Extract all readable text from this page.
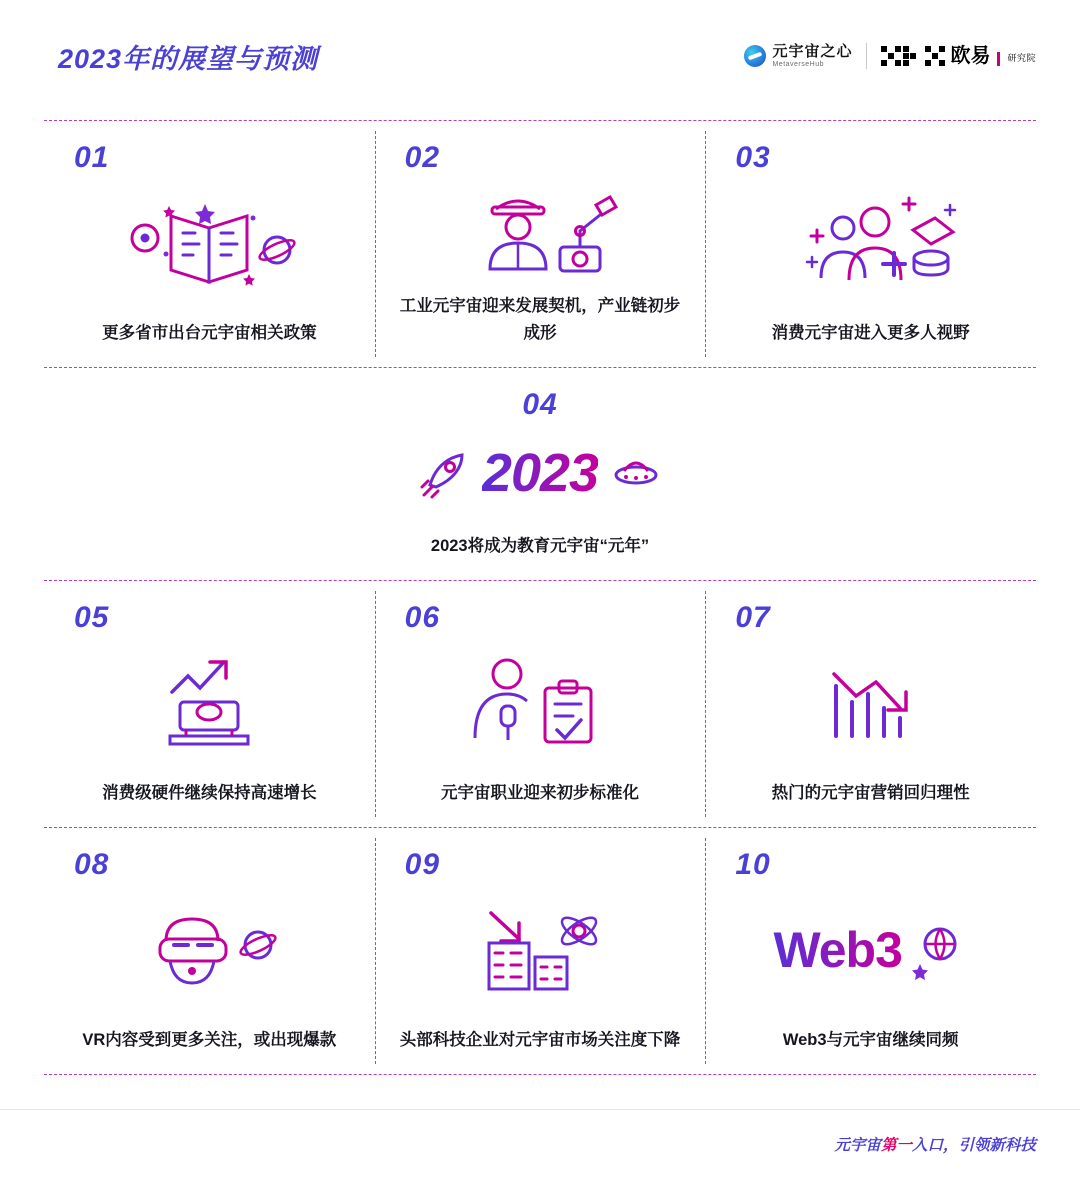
2023年的展望与预测	元宇宙之心
MetaverseHub	欧易 研究院
01
更多省市出台元宇宙相关政策
02
工业元宇宙迎来发展契机，产业链初步成形
03
消费元宇宙进入更多人视野
04
2023
2023将成为教育元宇宙“元年”
05
消费级硬件继续保持高速增长
06
元宇宙职业迎来初步标准化
07
热门的元宇宙营销回归理性
08
VR内容受到更多关注，或出现爆款
09
头部科技企业对元宇宙市场关注度下降
10
Web3
Web3与元宇宙继续同频
元宇宙第一入口，引领新科技
